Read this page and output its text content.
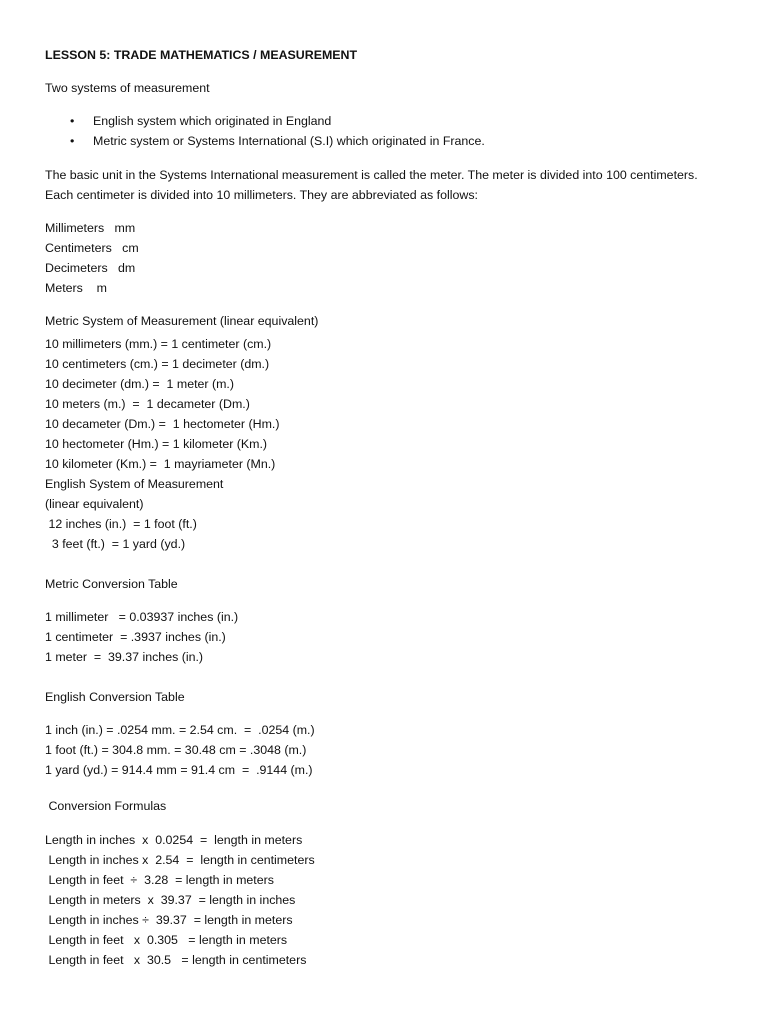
LESSON 5: TRADE MATHEMATICS / MEASUREMENT
Two systems of measurement
• English system which originated in England
• Metric system or Systems International (S.I) which originated in France.
The basic unit in the Systems International measurement is called the meter. The meter is divided into 100 centimeters.
Each centimeter is divided into 10 millimeters. They are abbreviated as follows:
Millimeters   mm
Centimeters   cm
Decimeters   dm
Meters    m
Metric System of Measurement (linear equivalent)
10 millimeters (mm.) = 1 centimeter (cm.)
10 centimeters (cm.) = 1 decimeter (dm.)
10 decimeter (dm.) =  1 meter (m.)
10 meters (m.)  =  1 decameter (Dm.)
10 decameter (Dm.) =  1 hectometer (Hm.)
10 hectometer (Hm.) = 1 kilometer (Km.)
10 kilometer (Km.) =  1 mayriameter (Mn.)
English System of Measurement
(linear equivalent)
12 inches (in.)  = 1 foot (ft.)
3 feet (ft.)  = 1 yard (yd.)
Metric Conversion Table
1 millimeter   = 0.03937 inches (in.)
1 centimeter  = .3937 inches (in.)
1 meter  =  39.37 inches (in.)
English Conversion Table
1 inch (in.) = .0254 mm. = 2.54 cm.  =  .0254 (m.)
1 foot (ft.) = 304.8 mm. = 30.48 cm = .3048 (m.)
1 yard (yd.) = 914.4 mm = 91.4 cm  =  .9144 (m.)
Conversion Formulas
Length in inches  x  0.0254  =  length in meters
Length in inches x  2.54  =  length in centimeters
Length in feet  ÷  3.28  = length in meters
Length in meters  x  39.37  = length in inches
Length in inches ÷  39.37  = length in meters
Length in feet   x  0.305   = length in meters
Length in feet   x  30.5   = length in centimeters
